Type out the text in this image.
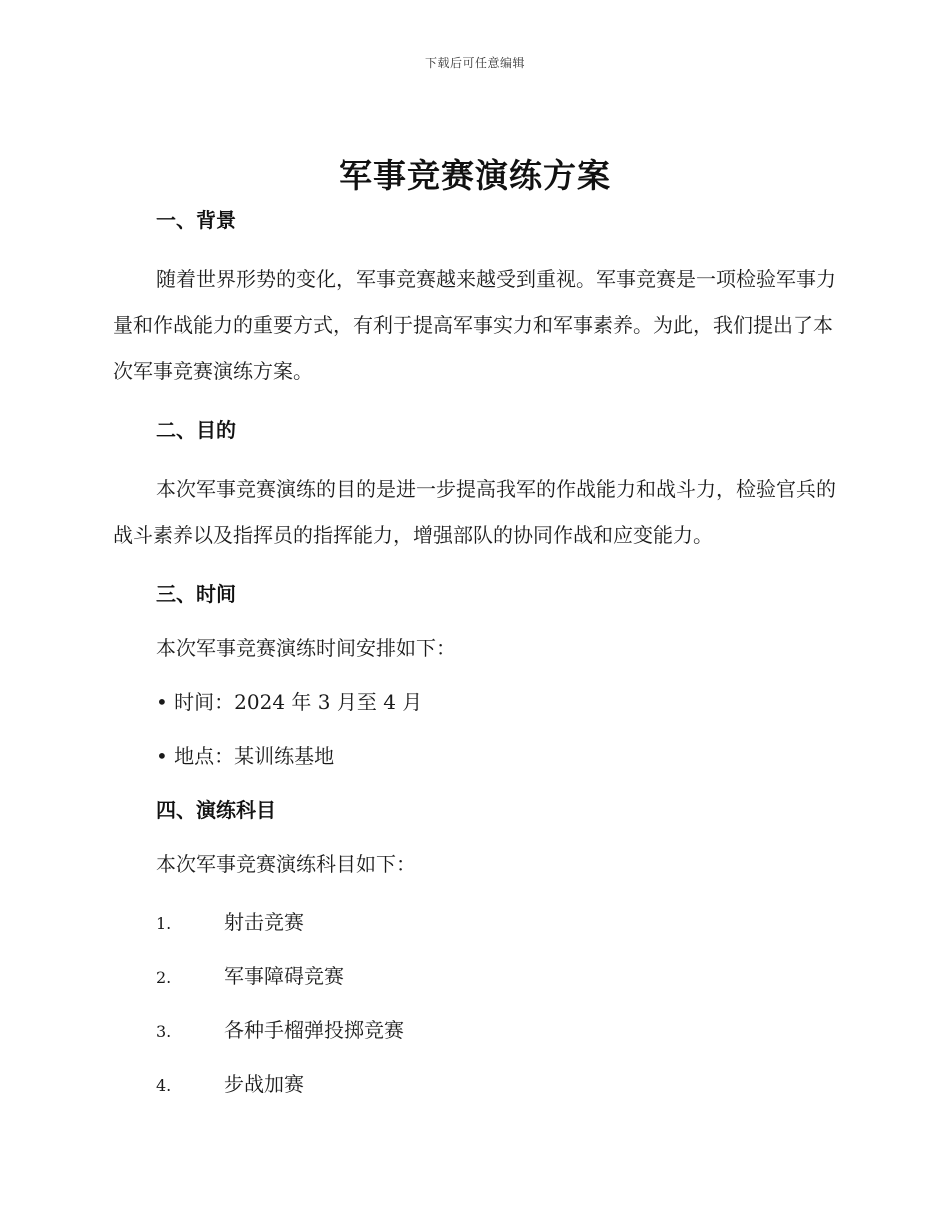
下载后可任意编辑
军事竞赛演练方案
一、背景

随着世界形势的变化，军事竞赛越来越受到重视。军事竞赛是一项检验军事力量和作战能力的重要方式，有利于提高军事实力和军事素养。为此，我们提出了本次军事竞赛演练方案。

二、目的

本次军事竞赛演练的目的是进一步提高我军的作战能力和战斗力，检验官兵的战斗素养以及指挥员的指挥能力，增强部队的协同作战和应变能力。

三、时间
本次军事竞赛演练时间安排如下：
• 时间：2024 年 3 月至 4 月
• 地点：某训练基地
四、演练科目
本次军事竞赛演练科目如下：
1.	射击竞赛
2.	军事障碍竞赛
3.	各种手榴弹投掷竞赛
4.	步战加赛
